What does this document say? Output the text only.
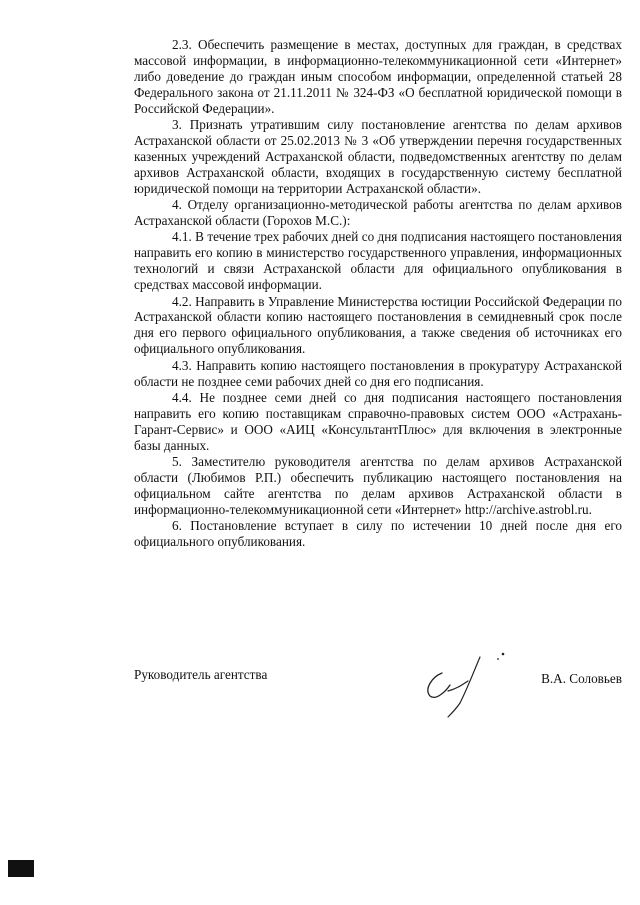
2.3. Обеспечить размещение в местах, доступных для граждан, в средствах массовой информации, в информационно-телекоммуникационной сети «Интернет» либо доведение до граждан иным способом информации, определенной статьей 28 Федерального закона от 21.11.2011 № 324-ФЗ «О бесплатной юридической помощи в Российской Федерации».

3. Признать утратившим силу постановление агентства по делам архивов Астраханской области от 25.02.2013 № 3 «Об утверждении перечня государственных казенных учреждений Астраханской области, подведомственных агентству по делам архивов Астраханской области, входящих в государственную систему бесплатной юридической помощи на территории Астраханской области».

4. Отделу организационно-методической работы агентства по делам архивов Астраханской области (Горохов М.С.):

4.1. В течение трех рабочих дней со дня подписания настоящего постановления направить его копию в министерство государственного управления, информационных технологий и связи Астраханской области для официального опубликования в средствах массовой информации.

4.2. Направить в Управление Министерства юстиции Российской Федерации по Астраханской области копию настоящего постановления в семидневный срок после дня его первого официального опубликования, а также сведения об источниках его официального опубликования.

4.3. Направить копию настоящего постановления в прокуратуру Астраханской области не позднее семи рабочих дней со дня его подписания.

4.4. Не позднее семи дней со дня подписания настоящего постановления направить его копию поставщикам справочно-правовых систем ООО «Астрахань-Гарант-Сервис» и ООО «АИЦ «КонсультантПлюс» для включения в электронные базы данных.

5. Заместителю руководителя агентства по делам архивов Астраханской области (Любимов Р.П.) обеспечить публикацию настоящего постановления на официальном сайте агентства по делам архивов Астраханской области в информационно-телекоммуникационной сети «Интернет» http://archive.astrobl.ru.

6. Постановление вступает в силу по истечении 10 дней после дня его официального опубликования.

Руководитель агентства	В.А. Соловьев
